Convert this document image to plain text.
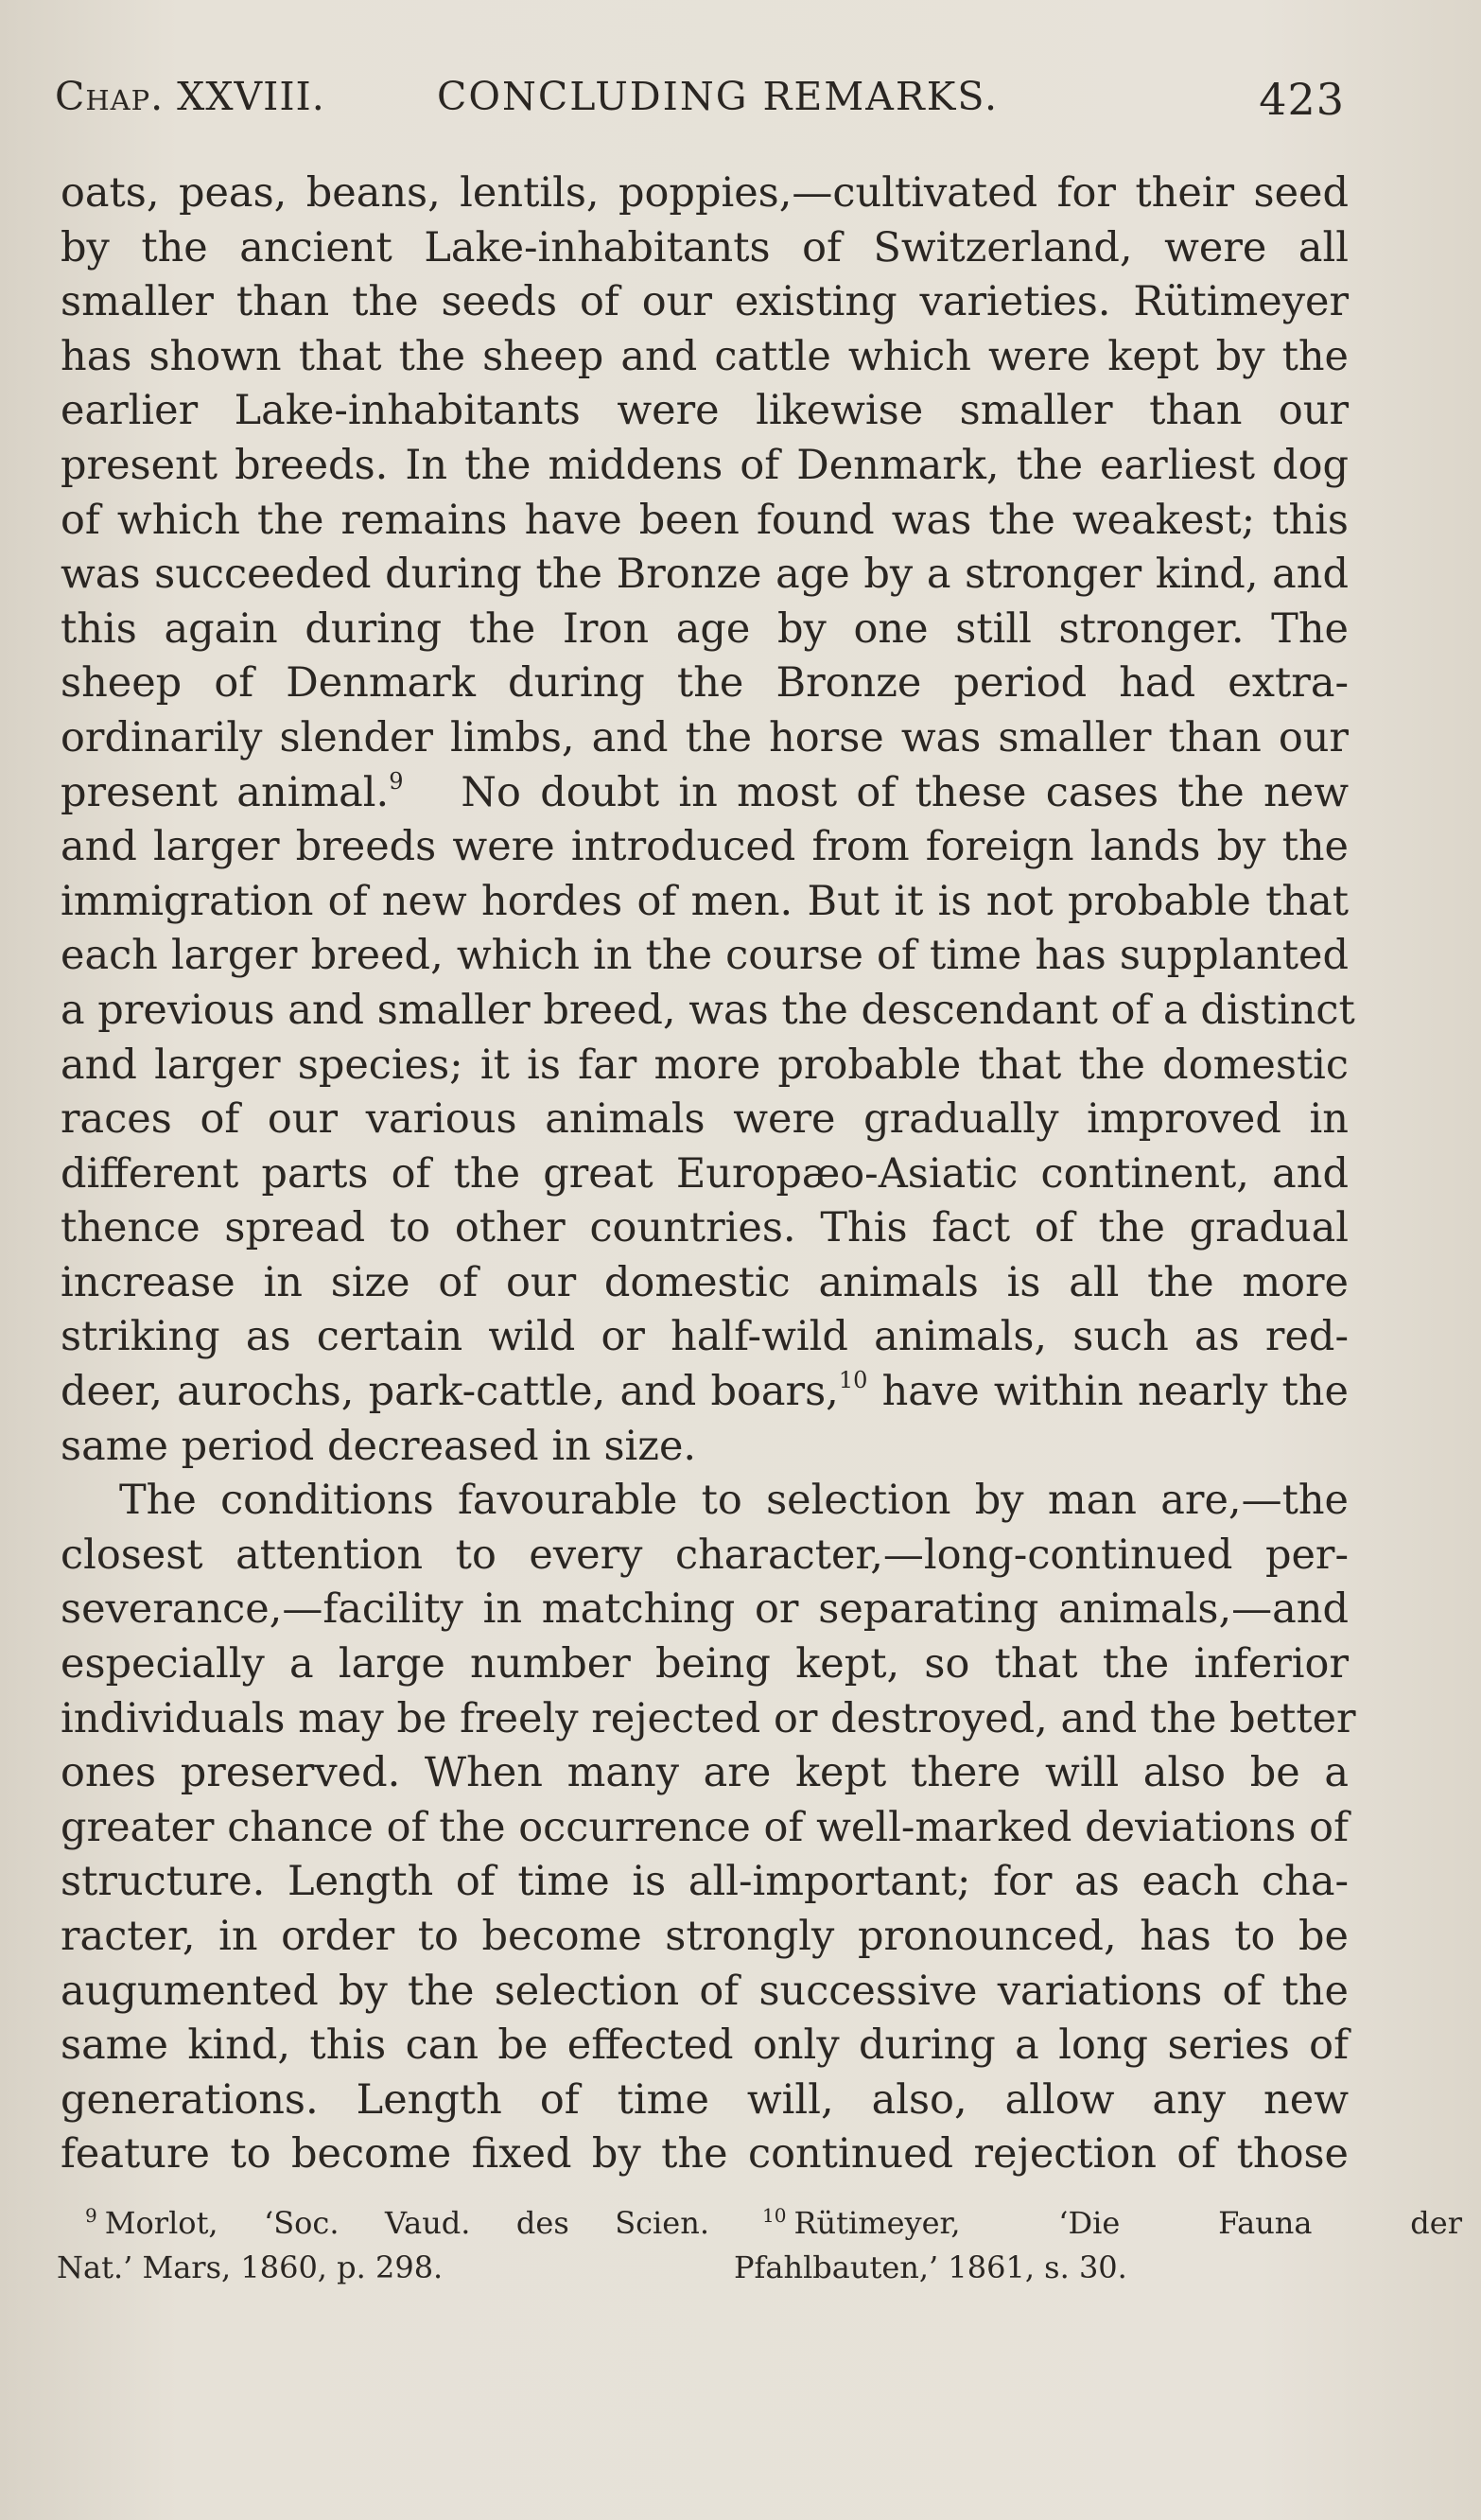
Chap. XXVIII.	CONCLUDING REMARKS.	423
oats, peas, beans, lentils, poppies,—cultivated for their seed
by the ancient Lake-inhabitants of Switzerland, were all
smaller than the seeds of our existing varieties. Rütimeyer
has shown that the sheep and cattle which were kept by the
earlier Lake-inhabitants were likewise smaller than our
present breeds. In the middens of Denmark, the earliest dog
of which the remains have been found was the weakest; this
was succeeded during the Bronze age by a stronger kind, and
this again during the Iron age by one still stronger. The
sheep of Denmark during the Bronze period had extra-
ordinarily slender limbs, and the horse was smaller than our
present animal.$^9$ No doubt in most of these cases the new
and larger breeds were introduced from foreign lands by the
immigration of new hordes of men. But it is not probable that
each larger breed, which in the course of time has supplanted
a previous and smaller breed, was the descendant of a distinct
and larger species; it is far more probable that the domestic
races of our various animals were gradually improved in
different parts of the great Europæo-Asiatic continent, and
thence spread to other countries. This fact of the gradual
increase in size of our domestic animals is all the more
striking as certain wild or half-wild animals, such as red-
deer, aurochs, park-cattle, and boars,$^{10}$ have within nearly the
same period decreased in size.
The conditions favourable to selection by man are,—the
closest attention to every character,—long-continued per-
severance,—facility in matching or separating animals,—and
especially a large number being kept, so that the inferior
individuals may be freely rejected or destroyed, and the better
ones preserved. When many are kept there will also be a
greater chance of the occurrence of well-marked deviations of
structure. Length of time is all-important; for as each cha-
racter, in order to become strongly pronounced, has to be
augumented by the selection of successive variations of the
same kind, this can be effected only during a long series of
generations. Length of time will, also, allow any new
feature to become fixed by the continued rejection of those
$^9$ Morlot, ‘Soc. Vaud. des Scien.
Nat.’ Mars, 1860, p. 298.
$^{10}$ Rütimeyer, ‘Die Fauna der
Pfahlbauten,’ 1861, s. 30.
